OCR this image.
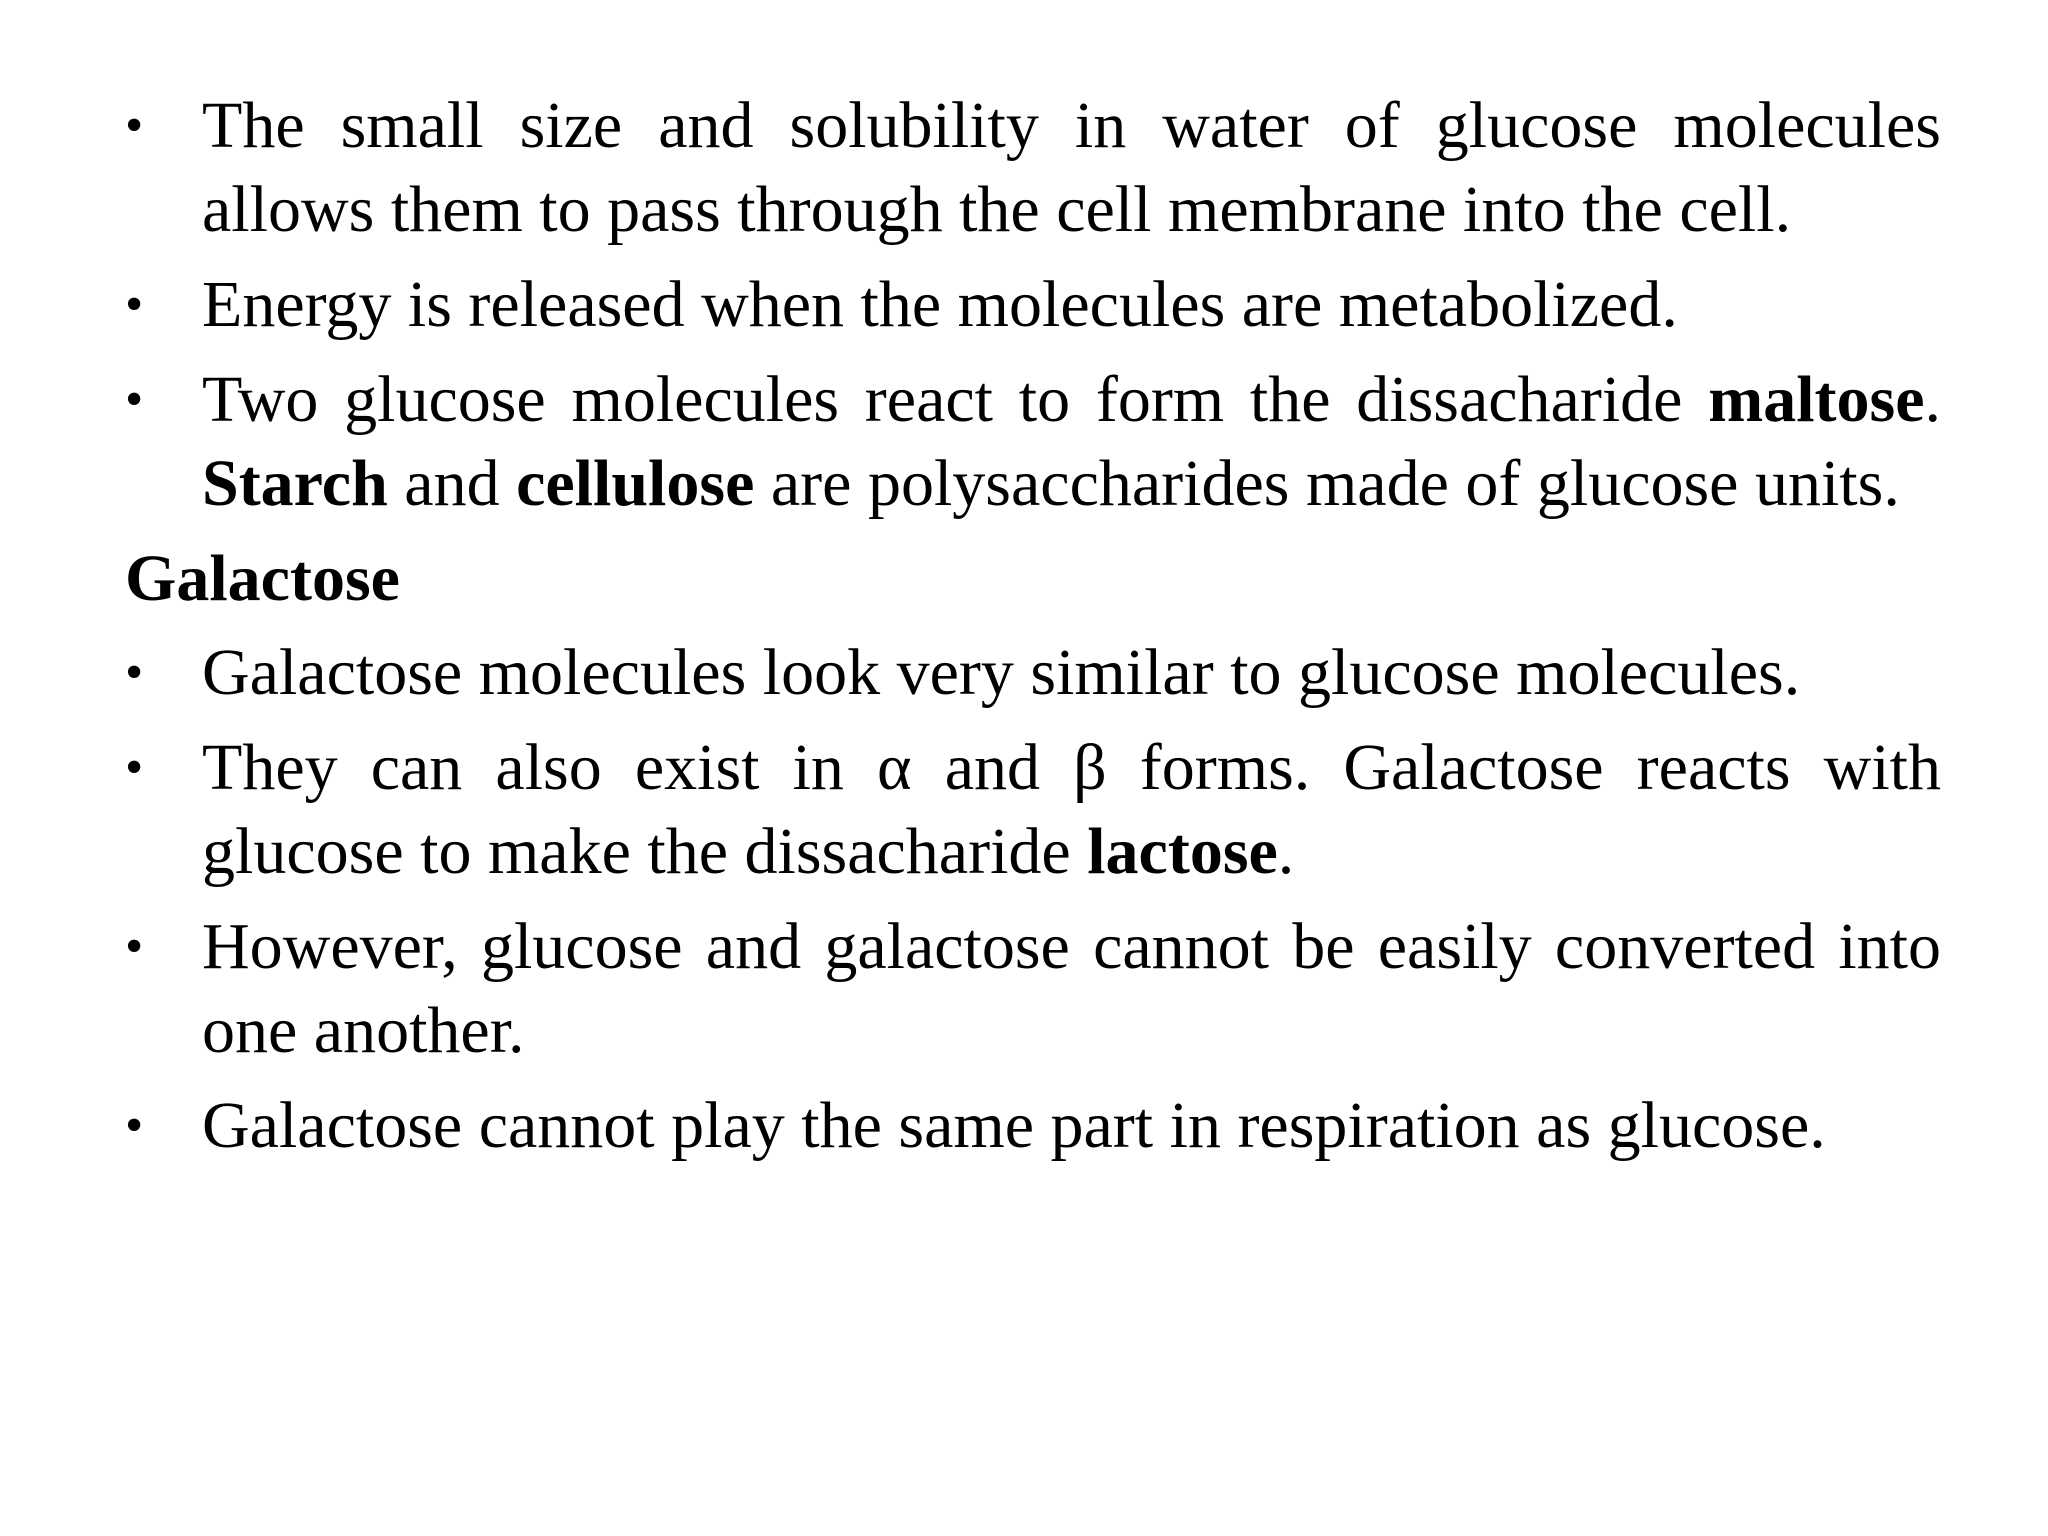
• The small size and solubility in water of glucose molecules allows them to pass through the cell membrane into the cell.
• Energy is released when the molecules are metabolized.
• Two glucose molecules react to form the dissacharide maltose. Starch and cellulose are polysaccharides made of glucose units.
Galactose
• Galactose molecules look very similar to glucose molecules.
• They can also exist in α and β forms. Galactose reacts with glucose to make the dissacharide lactose.
• However, glucose and galactose cannot be easily converted into one another.
• Galactose cannot play the same part in respiration as glucose.
